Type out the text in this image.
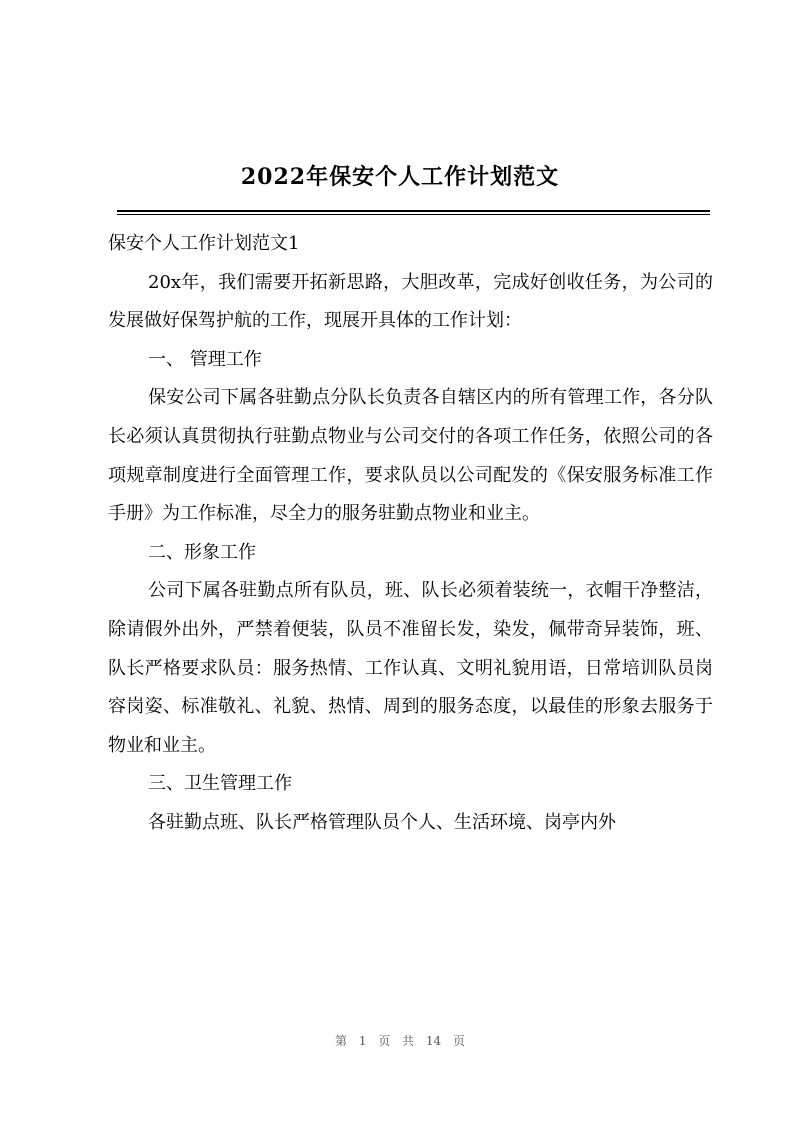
2022年保安个人工作计划范文

保安个人工作计划范文1

20x年，我们需要开拓新思路，大胆改革，完成好创收任务，为公司的发展做好保驾护航的工作，现展开具体的工作计划：

一、 管理工作

保安公司下属各驻勤点分队长负责各自辖区内的所有管理工作，各分队长必须认真贯彻执行驻勤点物业与公司交付的各项工作任务，依照公司的各项规章制度进行全面管理工作，要求队员以公司配发的《保安服务标准工作手册》为工作标准，尽全力的服务驻勤点物业和业主。

二、形象工作

公司下属各驻勤点所有队员，班、队长必须着装统一，衣帽干净整洁，除请假外出外，严禁着便装，队员不准留长发，染发，佩带奇异装饰，班、队长严格要求队员：服务热情、工作认真、文明礼貌用语，日常培训队员岗容岗姿、标准敬礼、礼貌、热情、周到的服务态度，以最佳的形象去服务于物业和业主。

三、卫生管理工作

各驻勤点班、队长严格管理队员个人、生活环境、岗亭内外

第 1 页 共 14 页
